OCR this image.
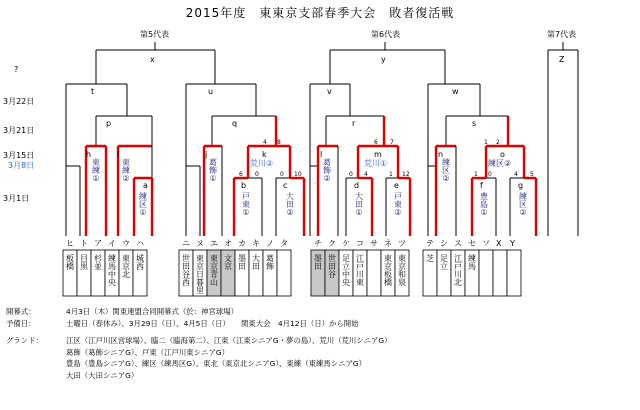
2015年度　東東京支部春季大会　敗者復活戦
?
3月22日
3月21日
3月15日
3月8日
3月1日
第5代表	第6代表	第7代表
x
t
p
h
東練①
l
東練②
a
練区①
u
q
j
葛飾①
k
荒川②
4 8
b
戸東①
6 0
c
大田②
0 10
y
v
r
l
葛飾②
m
荒川①
6 7
d
大田①
0 4
e
戸東②
1 12
w
s
n
練区②
o
練区②
1 2
f
豊島①
1 0
g
練区②
4 5
Z
ヒ
板橋
ト
目黒
ア
杉並
イ
練馬中央
ウ
東京北
ハ
城西
ニ
世田谷西
ヌ
東京日暮里
エ
東京青山
オ
文京
カ
墨田
キ
大田
ノ
葛飾
タ	チ
墨田
ク
世田谷
ケ
足立中央
コ
江戸川東
サ ネ
東京板橋
ツ
東京和泉
テ
芝
シ
足立
ス
江戸川北
セ
練馬
ソ X Y
開幕式：	4月3日（木）関東連盟合同開幕式（於：神宮球場）
予備日：	土曜日（春休み）、3月29日（日）、4月5日（日）　　関東大会　4月12日（日）から開始
グランド：	江区（江戸川区営球場）、臨二（臨海第二）、江東（江東シニアG・夢の島）、荒川（荒川シニアG）
葛飾（葛飾シニアG）、戸東（江戸川東シニアG）
豊島（豊島シニアG）、練区（練馬区G）、東北（東京北シニアG）、東練（東練馬シニアG）
大田（大田シニアG）
